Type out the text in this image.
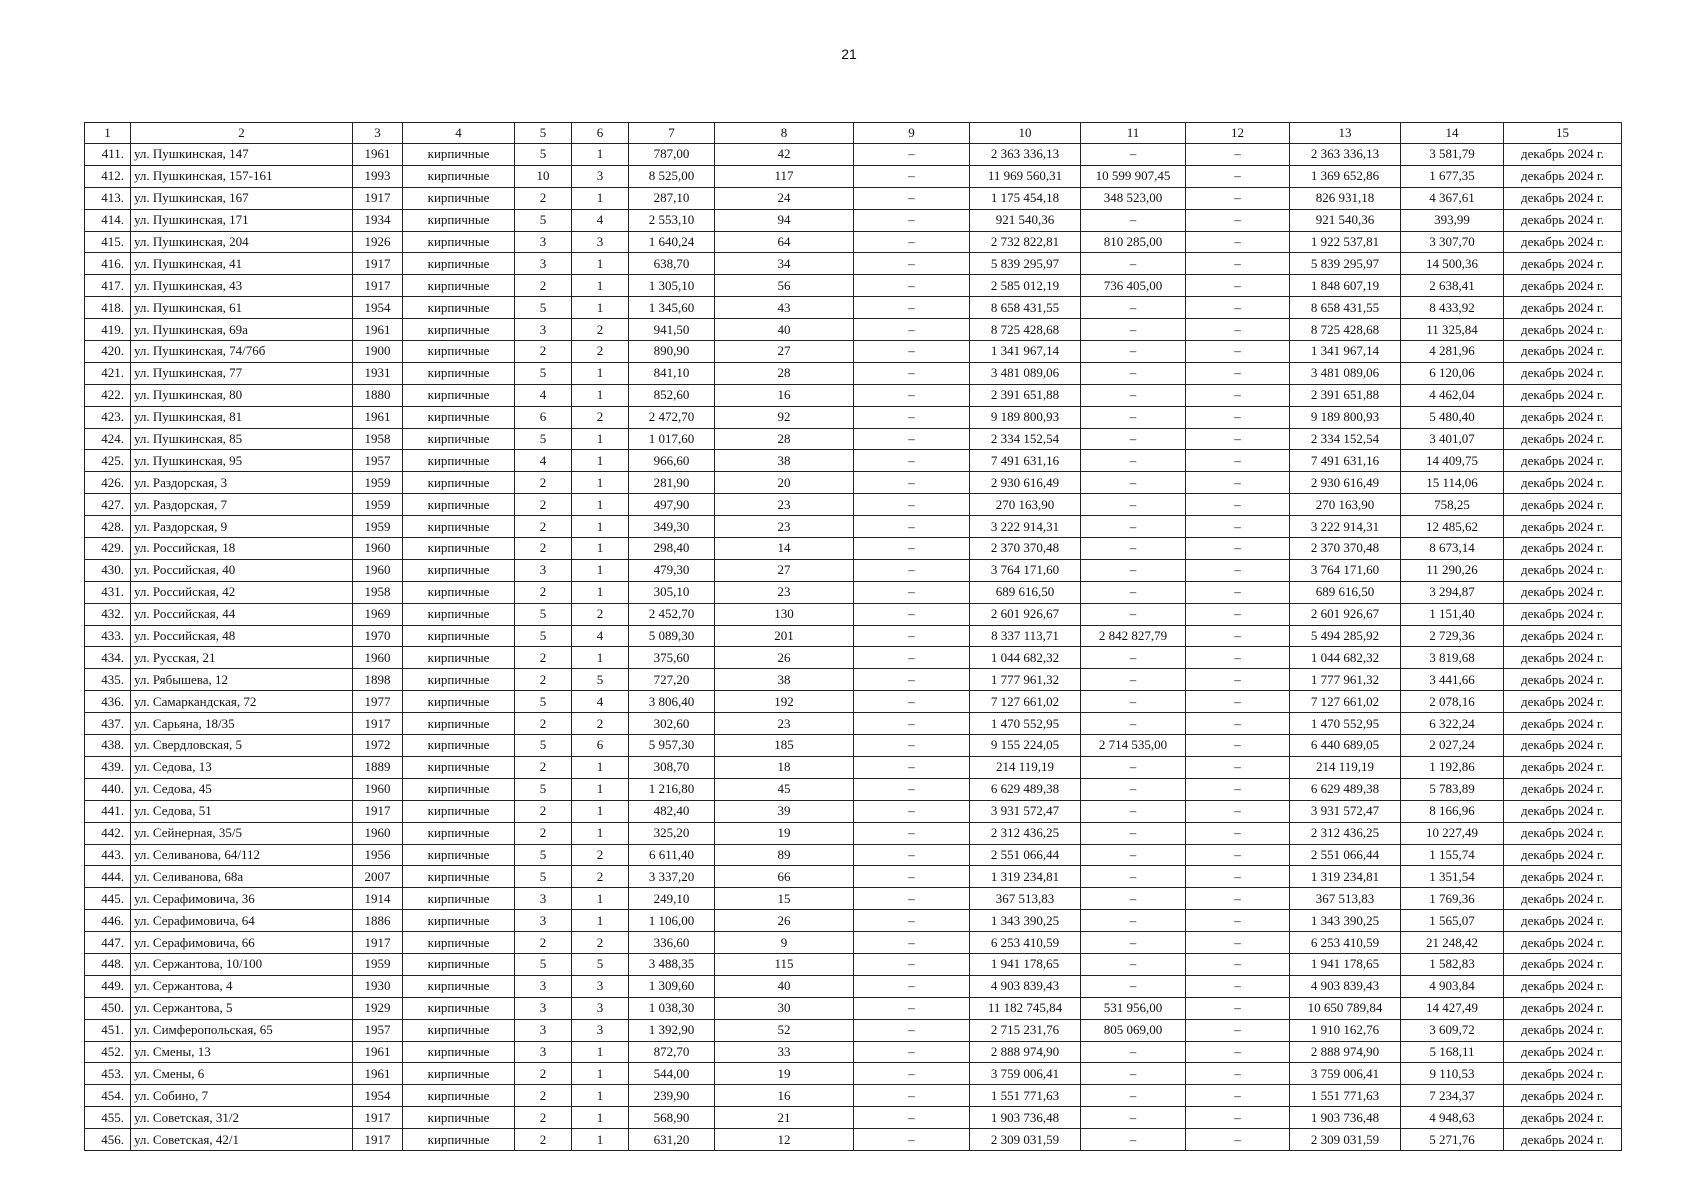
21
1	2	3	4	5	6	7	8	9	10	11	12	13	14	15
411.	ул. Пушкинская, 147	1961	кирпичные	5	1	787,00	42	–	2 363 336,13	–	–	2 363 336,13	3 581,79	декабрь 2024 г.
412.	ул. Пушкинская, 157-161	1993	кирпичные	10	3	8 525,00	117	–	11 969 560,31	10 599 907,45	–	1 369 652,86	1 677,35	декабрь 2024 г.
413.	ул. Пушкинская, 167	1917	кирпичные	2	1	287,10	24	–	1 175 454,18	348 523,00	–	826 931,18	4 367,61	декабрь 2024 г.
414.	ул. Пушкинская, 171	1934	кирпичные	5	4	2 553,10	94	–	921 540,36	–	–	921 540,36	393,99	декабрь 2024 г.
415.	ул. Пушкинская, 204	1926	кирпичные	3	3	1 640,24	64	–	2 732 822,81	810 285,00	–	1 922 537,81	3 307,70	декабрь 2024 г.
416.	ул. Пушкинская, 41	1917	кирпичные	3	1	638,70	34	–	5 839 295,97	–	–	5 839 295,97	14 500,36	декабрь 2024 г.
417.	ул. Пушкинская, 43	1917	кирпичные	2	1	1 305,10	56	–	2 585 012,19	736 405,00	–	1 848 607,19	2 638,41	декабрь 2024 г.
418.	ул. Пушкинская, 61	1954	кирпичные	5	1	1 345,60	43	–	8 658 431,55	–	–	8 658 431,55	8 433,92	декабрь 2024 г.
419.	ул. Пушкинская, 69а	1961	кирпичные	3	2	941,50	40	–	8 725 428,68	–	–	8 725 428,68	11 325,84	декабрь 2024 г.
420.	ул. Пушкинская, 74/76б	1900	кирпичные	2	2	890,90	27	–	1 341 967,14	–	–	1 341 967,14	4 281,96	декабрь 2024 г.
421.	ул. Пушкинская, 77	1931	кирпичные	5	1	841,10	28	–	3 481 089,06	–	–	3 481 089,06	6 120,06	декабрь 2024 г.
422.	ул. Пушкинская, 80	1880	кирпичные	4	1	852,60	16	–	2 391 651,88	–	–	2 391 651,88	4 462,04	декабрь 2024 г.
423.	ул. Пушкинская, 81	1961	кирпичные	6	2	2 472,70	92	–	9 189 800,93	–	–	9 189 800,93	5 480,40	декабрь 2024 г.
424.	ул. Пушкинская, 85	1958	кирпичные	5	1	1 017,60	28	–	2 334 152,54	–	–	2 334 152,54	3 401,07	декабрь 2024 г.
425.	ул. Пушкинская, 95	1957	кирпичные	4	1	966,60	38	–	7 491 631,16	–	–	7 491 631,16	14 409,75	декабрь 2024 г.
426.	ул. Раздорская, 3	1959	кирпичные	2	1	281,90	20	–	2 930 616,49	–	–	2 930 616,49	15 114,06	декабрь 2024 г.
427.	ул. Раздорская, 7	1959	кирпичные	2	1	497,90	23	–	270 163,90	–	–	270 163,90	758,25	декабрь 2024 г.
428.	ул. Раздорская, 9	1959	кирпичные	2	1	349,30	23	–	3 222 914,31	–	–	3 222 914,31	12 485,62	декабрь 2024 г.
429.	ул. Российская, 18	1960	кирпичные	2	1	298,40	14	–	2 370 370,48	–	–	2 370 370,48	8 673,14	декабрь 2024 г.
430.	ул. Российская, 40	1960	кирпичные	3	1	479,30	27	–	3 764 171,60	–	–	3 764 171,60	11 290,26	декабрь 2024 г.
431.	ул. Российская, 42	1958	кирпичные	2	1	305,10	23	–	689 616,50	–	–	689 616,50	3 294,87	декабрь 2024 г.
432.	ул. Российская, 44	1969	кирпичные	5	2	2 452,70	130	–	2 601 926,67	–	–	2 601 926,67	1 151,40	декабрь 2024 г.
433.	ул. Российская, 48	1970	кирпичные	5	4	5 089,30	201	–	8 337 113,71	2 842 827,79	–	5 494 285,92	2 729,36	декабрь 2024 г.
434.	ул. Русская, 21	1960	кирпичные	2	1	375,60	26	–	1 044 682,32	–	–	1 044 682,32	3 819,68	декабрь 2024 г.
435.	ул. Рябышева, 12	1898	кирпичные	2	5	727,20	38	–	1 777 961,32	–	–	1 777 961,32	3 441,66	декабрь 2024 г.
436.	ул. Самаркандская, 72	1977	кирпичные	5	4	3 806,40	192	–	7 127 661,02	–	–	7 127 661,02	2 078,16	декабрь 2024 г.
437.	ул. Сарьяна, 18/35	1917	кирпичные	2	2	302,60	23	–	1 470 552,95	–	–	1 470 552,95	6 322,24	декабрь 2024 г.
438.	ул. Свердловская, 5	1972	кирпичные	5	6	5 957,30	185	–	9 155 224,05	2 714 535,00	–	6 440 689,05	2 027,24	декабрь 2024 г.
439.	ул. Седова, 13	1889	кирпичные	2	1	308,70	18	–	214 119,19	–	–	214 119,19	1 192,86	декабрь 2024 г.
440.	ул. Седова, 45	1960	кирпичные	5	1	1 216,80	45	–	6 629 489,38	–	–	6 629 489,38	5 783,89	декабрь 2024 г.
441.	ул. Седова, 51	1917	кирпичные	2	1	482,40	39	–	3 931 572,47	–	–	3 931 572,47	8 166,96	декабрь 2024 г.
442.	ул. Сейнерная, 35/5	1960	кирпичные	2	1	325,20	19	–	2 312 436,25	–	–	2 312 436,25	10 227,49	декабрь 2024 г.
443.	ул. Селиванова, 64/112	1956	кирпичные	5	2	6 611,40	89	–	2 551 066,44	–	–	2 551 066,44	1 155,74	декабрь 2024 г.
444.	ул. Селиванова, 68а	2007	кирпичные	5	2	3 337,20	66	–	1 319 234,81	–	–	1 319 234,81	1 351,54	декабрь 2024 г.
445.	ул. Серафимовича, 36	1914	кирпичные	3	1	249,10	15	–	367 513,83	–	–	367 513,83	1 769,36	декабрь 2024 г.
446.	ул. Серафимовича, 64	1886	кирпичные	3	1	1 106,00	26	–	1 343 390,25	–	–	1 343 390,25	1 565,07	декабрь 2024 г.
447.	ул. Серафимовича, 66	1917	кирпичные	2	2	336,60	9	–	6 253 410,59	–	–	6 253 410,59	21 248,42	декабрь 2024 г.
448.	ул. Сержантова, 10/100	1959	кирпичные	5	5	3 488,35	115	–	1 941 178,65	–	–	1 941 178,65	1 582,83	декабрь 2024 г.
449.	ул. Сержантова, 4	1930	кирпичные	3	3	1 309,60	40	–	4 903 839,43	–	–	4 903 839,43	4 903,84	декабрь 2024 г.
450.	ул. Сержантова, 5	1929	кирпичные	3	3	1 038,30	30	–	11 182 745,84	531 956,00	–	10 650 789,84	14 427,49	декабрь 2024 г.
451.	ул. Симферопольская, 65	1957	кирпичные	3	3	1 392,90	52	–	2 715 231,76	805 069,00	–	1 910 162,76	3 609,72	декабрь 2024 г.
452.	ул. Смены, 13	1961	кирпичные	3	1	872,70	33	–	2 888 974,90	–	–	2 888 974,90	5 168,11	декабрь 2024 г.
453.	ул. Смены, 6	1961	кирпичные	2	1	544,00	19	–	3 759 006,41	–	–	3 759 006,41	9 110,53	декабрь 2024 г.
454.	ул. Собино, 7	1954	кирпичные	2	1	239,90	16	–	1 551 771,63	–	–	1 551 771,63	7 234,37	декабрь 2024 г.
455.	ул. Советская, 31/2	1917	кирпичные	2	1	568,90	21	–	1 903 736,48	–	–	1 903 736,48	4 948,63	декабрь 2024 г.
456.	ул. Советская, 42/1	1917	кирпичные	2	1	631,20	12	–	2 309 031,59	–	–	2 309 031,59	5 271,76	декабрь 2024 г.
